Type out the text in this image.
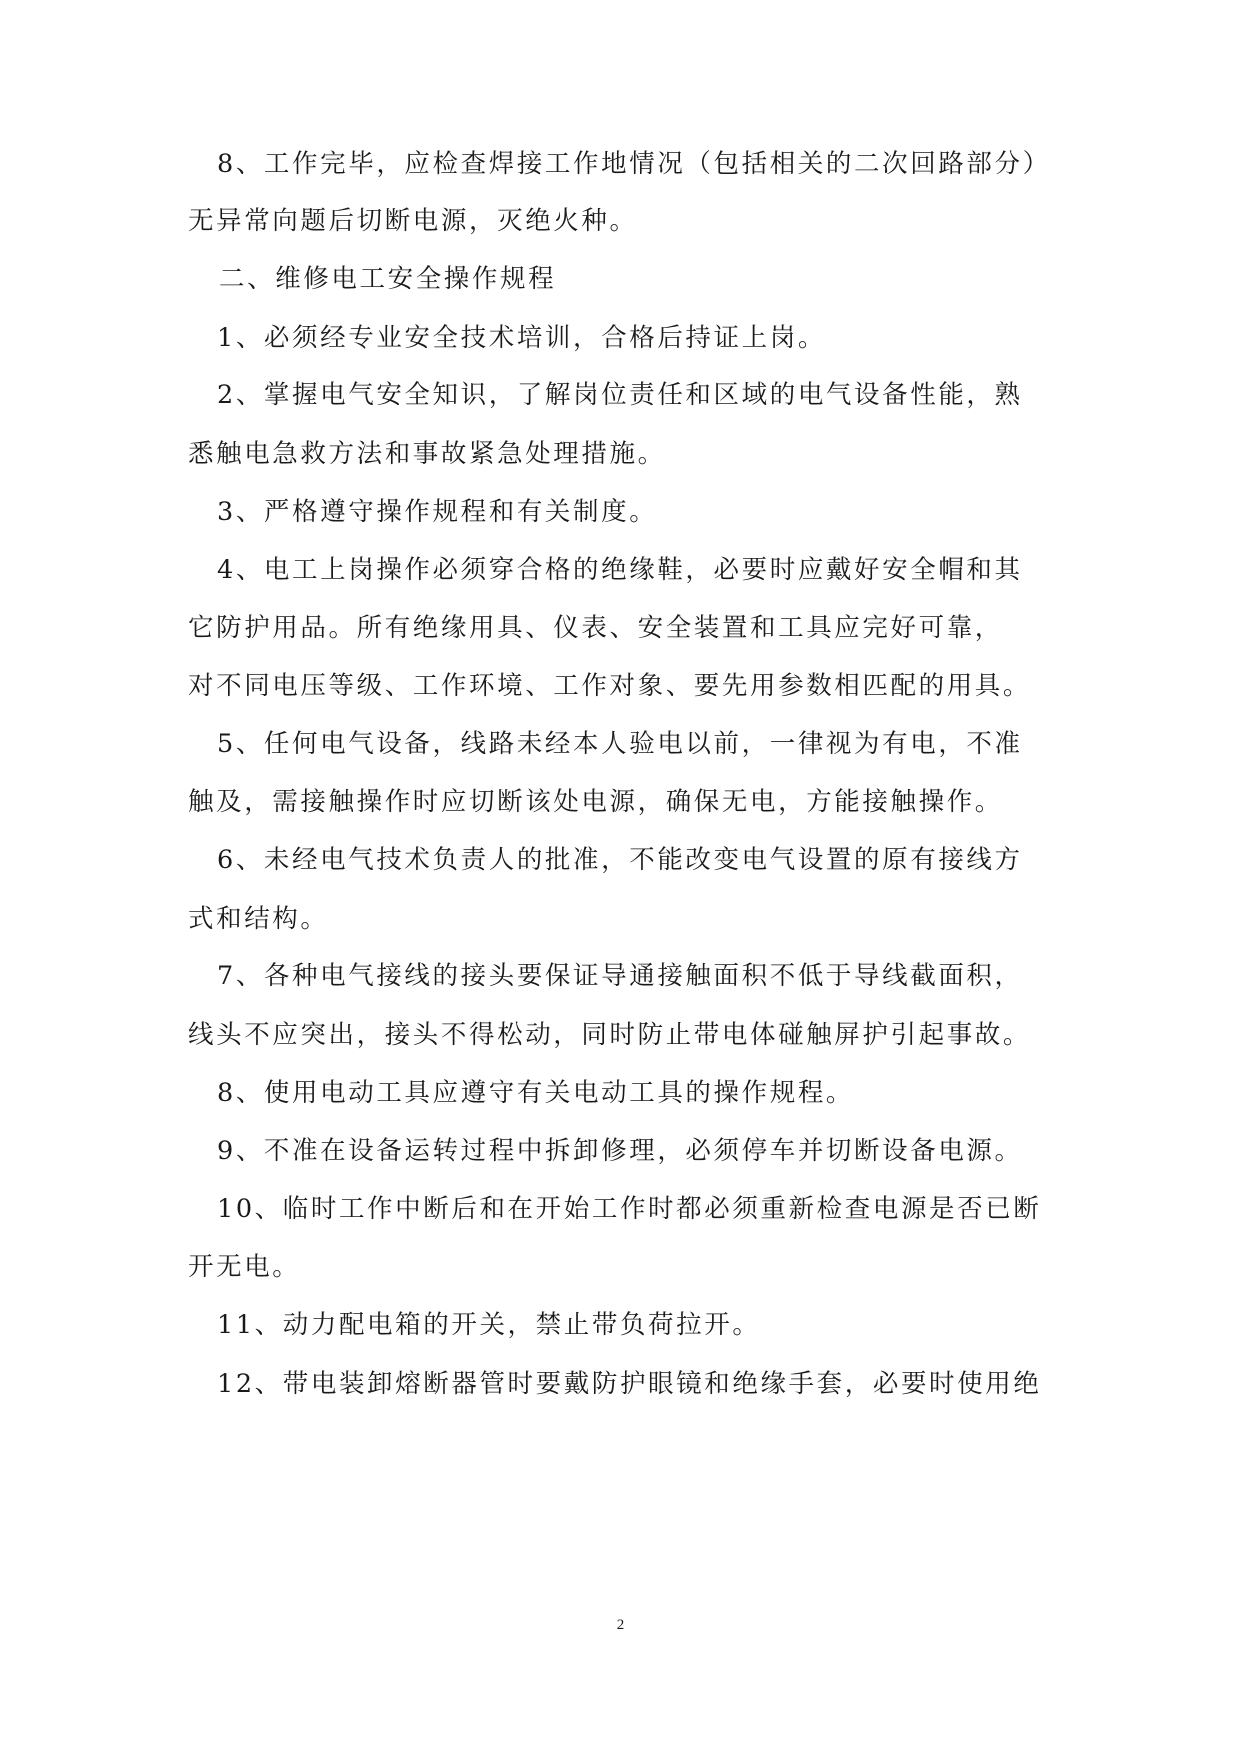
8、工作完毕，应检查焊接工作地情况（包括相关的二次回路部分）
无异常向题后切断电源，灭绝火种。
二、维修电工安全操作规程
1、必须经专业安全技术培训，合格后持证上岗。
2、掌握电气安全知识，了解岗位责任和区域的电气设备性能，熟
悉触电急救方法和事故紧急处理措施。
3、严格遵守操作规程和有关制度。
4、电工上岗操作必须穿合格的绝缘鞋，必要时应戴好安全帽和其
它防护用品。所有绝缘用具、仪表、安全装置和工具应完好可靠，
对不同电压等级、工作环境、工作对象、要先用参数相匹配的用具。
5、任何电气设备，线路未经本人验电以前，一律视为有电，不准
触及，需接触操作时应切断该处电源，确保无电，方能接触操作。
6、未经电气技术负责人的批准，不能改变电气设置的原有接线方
式和结构。
7、各种电气接线的接头要保证导通接触面积不低于导线截面积，
线头不应突出，接头不得松动，同时防止带电体碰触屏护引起事故。
8、使用电动工具应遵守有关电动工具的操作规程。
9、不准在设备运转过程中拆卸修理，必须停车并切断设备电源。
10、临时工作中断后和在开始工作时都必须重新检查电源是否已断
开无电。
11、动力配电箱的开关，禁止带负荷拉开。
12、带电装卸熔断器管时要戴防护眼镜和绝缘手套，必要时使用绝
2
